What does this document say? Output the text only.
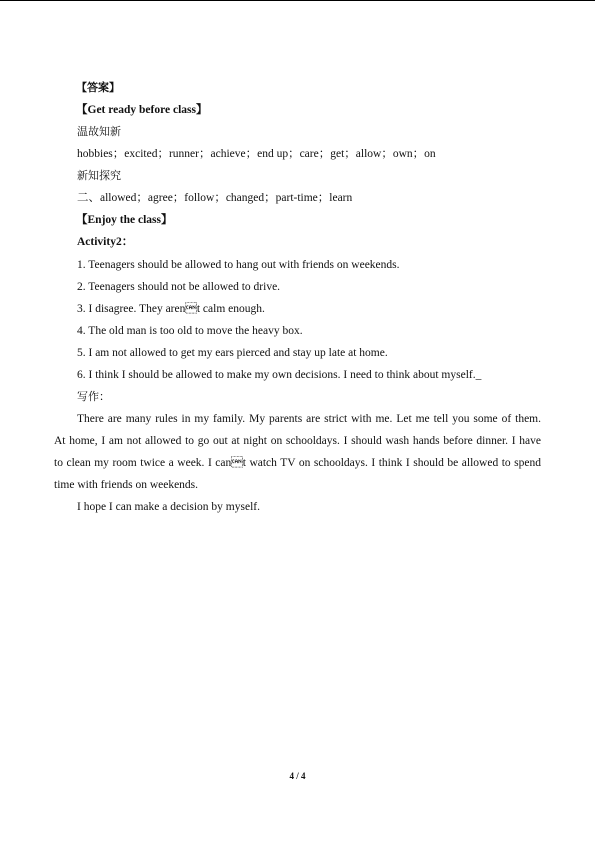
【答案】
【Get ready before class】
温故知新
hobbies；excited；runner；achieve；end up；care；get；allow；own；on
新知探究
二、allowed；agree；follow；changed；part-time；learn
【Enjoy the class】
Activity2：
1. Teenagers should be allowed to hang out with friends on weekends.
2. Teenagers should not be allowed to drive.
3. I disagree. They arent calm enough.
4. The old man is too old to move the heavy box.
5. I am not allowed to get my ears pierced and stay up late at home.
6. I think I should be allowed to make my own decisions. I need to think about myself._
写作：
There are many rules in my family. My parents are strict with me. Let me tell you some of them.
At home, I am not allowed to go out at night on schooldays. I should wash hands before dinner. I have
to clean my room twice a week. I cant watch TV on schooldays. I think I should be allowed to spend
time with friends on weekends.
I hope I can make a decision by myself.
4 / 4
